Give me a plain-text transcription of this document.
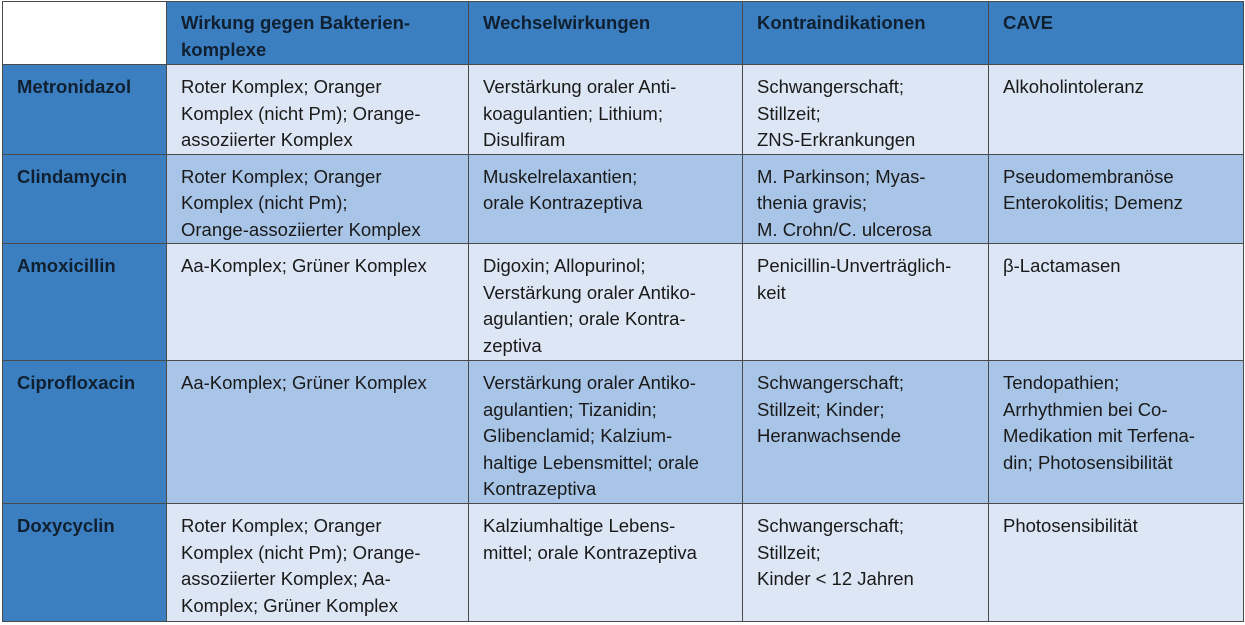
	Wirkung gegen Bakterien-
komplexe	Wechselwirkungen	Kontraindikationen	CAVE
Metronidazol	Roter Komplex; Oranger
Komplex (nicht Pm); Orange-
assoziierter Komplex	Verstärkung oraler Anti-
koagulantien; Lithium;
Disulfiram	Schwangerschaft;
Stillzeit;
ZNS-Erkrankungen	Alkoholintoleranz
Clindamycin	Roter Komplex; Oranger
Komplex (nicht Pm);
Orange-assoziierter Komplex	Muskelrelaxantien;
orale Kontrazeptiva	M. Parkinson; Myas-
thenia gravis;
M. Crohn/C. ulcerosa	Pseudomembranöse
Enterokolitis; Demenz
Amoxicillin	Aa-Komplex; Grüner Komplex	Digoxin; Allopurinol;
Verstärkung oraler Antiko-
agulantien; orale Kontra-
zeptiva	Penicillin-Unverträglich-
keit	β-Lactamasen
Ciprofloxacin	Aa-Komplex; Grüner Komplex	Verstärkung oraler Antiko-
agulantien; Tizanidin;
Glibenclamid; Kalzium-
haltige Lebensmittel; orale
Kontrazeptiva	Schwangerschaft;
Stillzeit; Kinder;
Heranwachsende	Tendopathien;
Arrhythmien bei Co-
Medikation mit Terfena-
din; Photosensibilität
Doxycyclin	Roter Komplex; Oranger
Komplex (nicht Pm); Orange-
assoziierter Komplex; Aa-
Komplex; Grüner Komplex	Kalziumhaltige Lebens-
mittel; orale Kontrazeptiva	Schwangerschaft;
Stillzeit;
Kinder < 12 Jahren	Photosensibilität
